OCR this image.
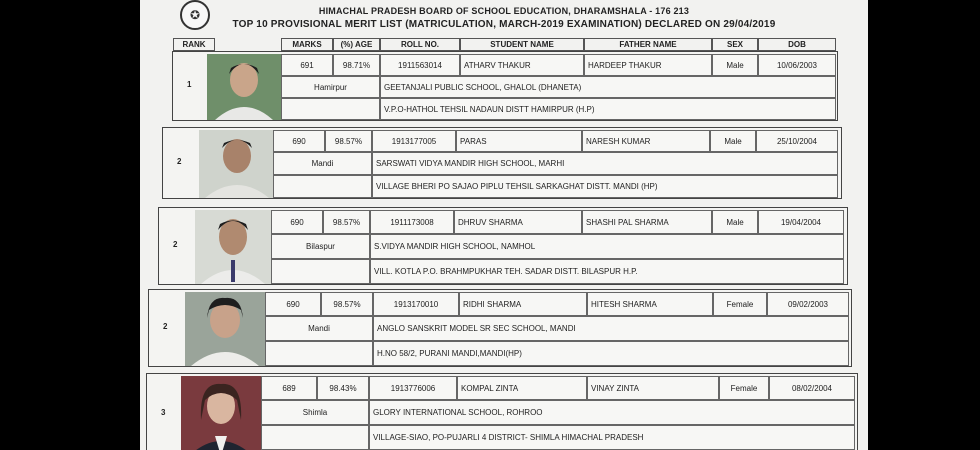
✪	HIMACHAL PRADESH BOARD OF SCHOOL EDUCATION, DHARAMSHALA - 176 213
TOP 10 PROVISIONAL MERIT LIST (MATRICULATION, MARCH-2019 EXAMINATION) DECLARED ON 29/04/2019
RANK	MARKS	(%) AGE	ROLL NO.	STUDENT NAME	FATHER NAME	SEX	DOB
1
691	98.71%	1911563014	ATHARV THAKUR	HARDEEP THAKUR	Male	10/06/2003
Hamirpur	GEETANJALI PUBLIC SCHOOL, GHALOL (DHANETA)
V.P.O-HATHOL TEHSIL NADAUN DISTT HAMIRPUR (H.P)
2
690	98.57%	1913177005	PARAS	NARESH KUMAR	Male	25/10/2004
Mandi	SARSWATI VIDYA MANDIR HIGH SCHOOL, MARHI
VILLAGE BHERI PO SAJAO PIPLU TEHSIL SARKAGHAT DISTT. MANDI (HP)
2
690	98.57%	1911173008	DHRUV SHARMA	SHASHI PAL SHARMA	Male	19/04/2004
Bilaspur	S.VIDYA MANDIR HIGH SCHOOL, NAMHOL
VILL. KOTLA P.O. BRAHMPUKHAR TEH. SADAR DISTT. BILASPUR H.P.
2
690	98.57%	1913170010	RIDHI SHARMA	HITESH SHARMA	Female	09/02/2003
Mandi	ANGLO SANSKRIT MODEL SR SEC SCHOOL, MANDI
H.NO 58/2, PURANI MANDI,MANDI(HP)
3
689	98.43%	1913776006	KOMPAL ZINTA	VINAY ZINTA	Female	08/02/2004
Shimla	GLORY INTERNATIONAL SCHOOL, ROHROO
VILLAGE-SIAO, PO-PUJARLI 4 DISTRICT- SHIMLA HIMACHAL PRADESH
